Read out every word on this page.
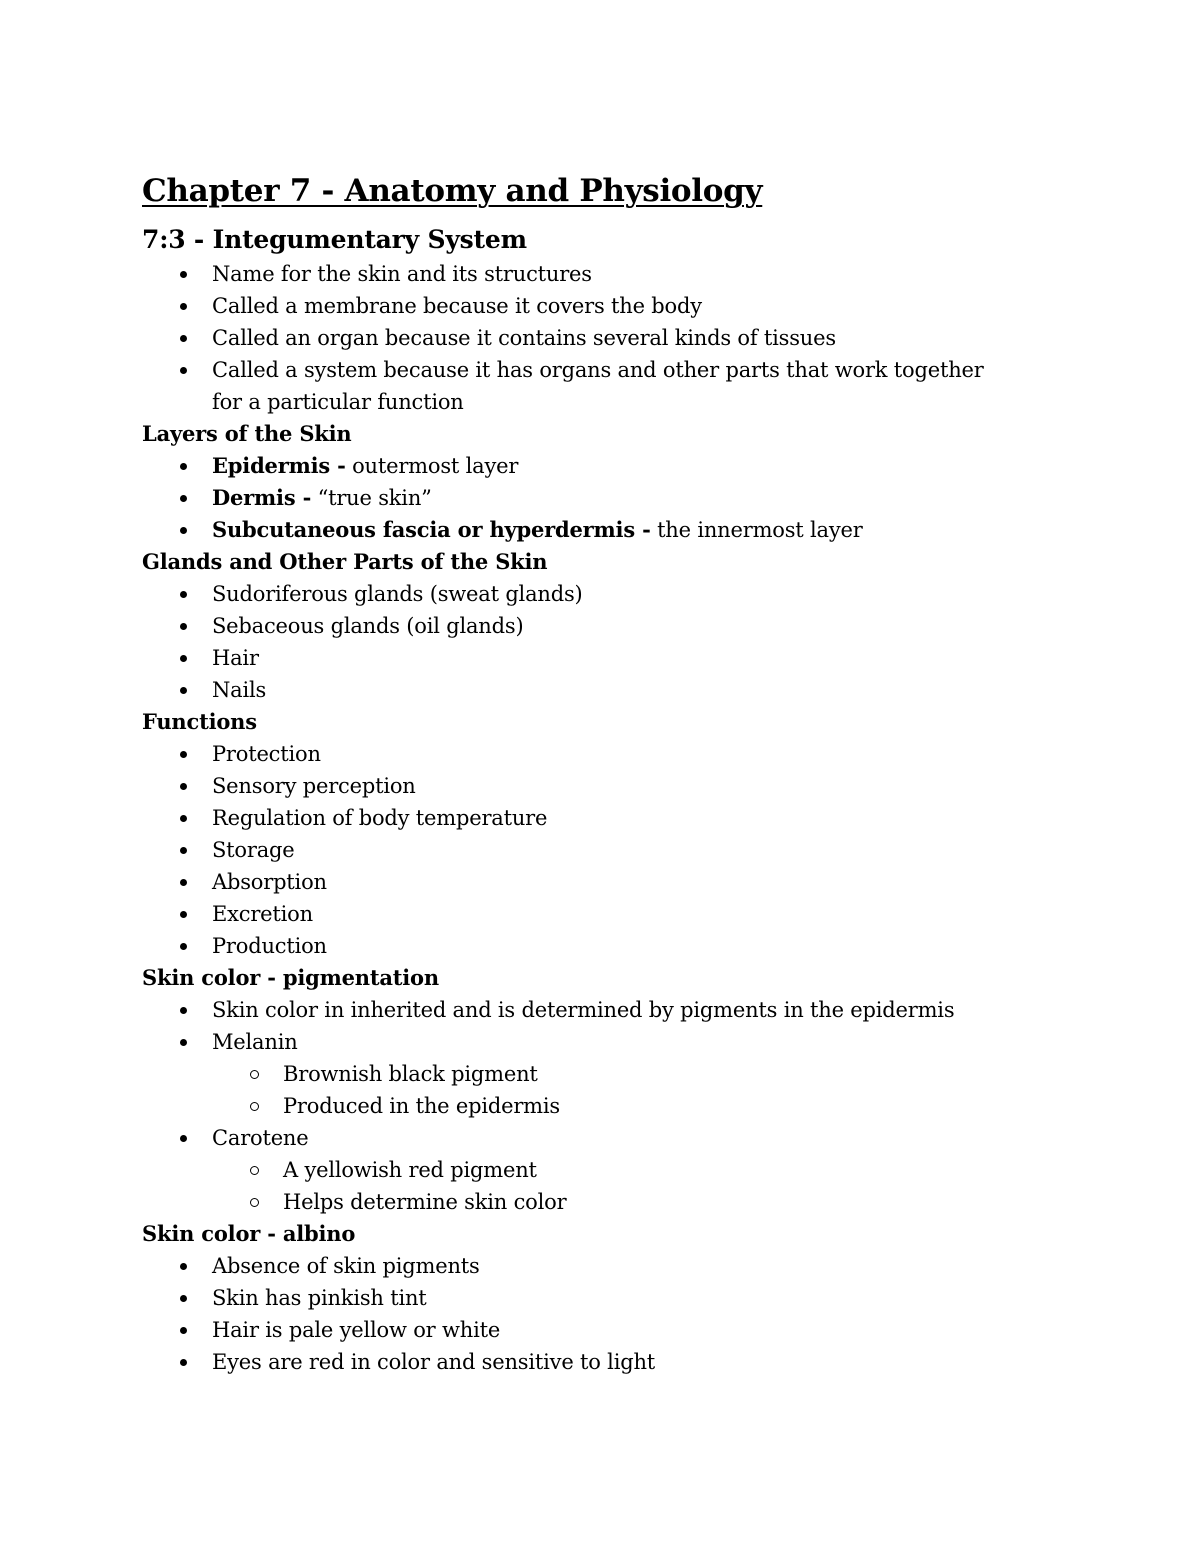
Chapter 7 - Anatomy and Physiology
7:3 - Integumentary System
Name for the skin and its structures
Called a membrane because it covers the body
Called an organ because it contains several kinds of tissues
Called a system because it has organs and other parts that work together for a particular function
Layers of the Skin
Epidermis - outermost layer
Dermis - “true skin”
Subcutaneous fascia or hyperdermis - the innermost layer
Glands and Other Parts of the Skin
Sudoriferous glands (sweat glands)
Sebaceous glands (oil glands)
Hair
Nails
Functions
Protection
Sensory perception
Regulation of body temperature
Storage
Absorption
Excretion
Production
Skin color - pigmentation
Skin color in inherited and is determined by pigments in the epidermis
Melanin
Brownish black pigment
Produced in the epidermis
Carotene
A yellowish red pigment
Helps determine skin color
Skin color - albino
Absence of skin pigments
Skin has pinkish tint
Hair is pale yellow or white
Eyes are red in color and sensitive to light
